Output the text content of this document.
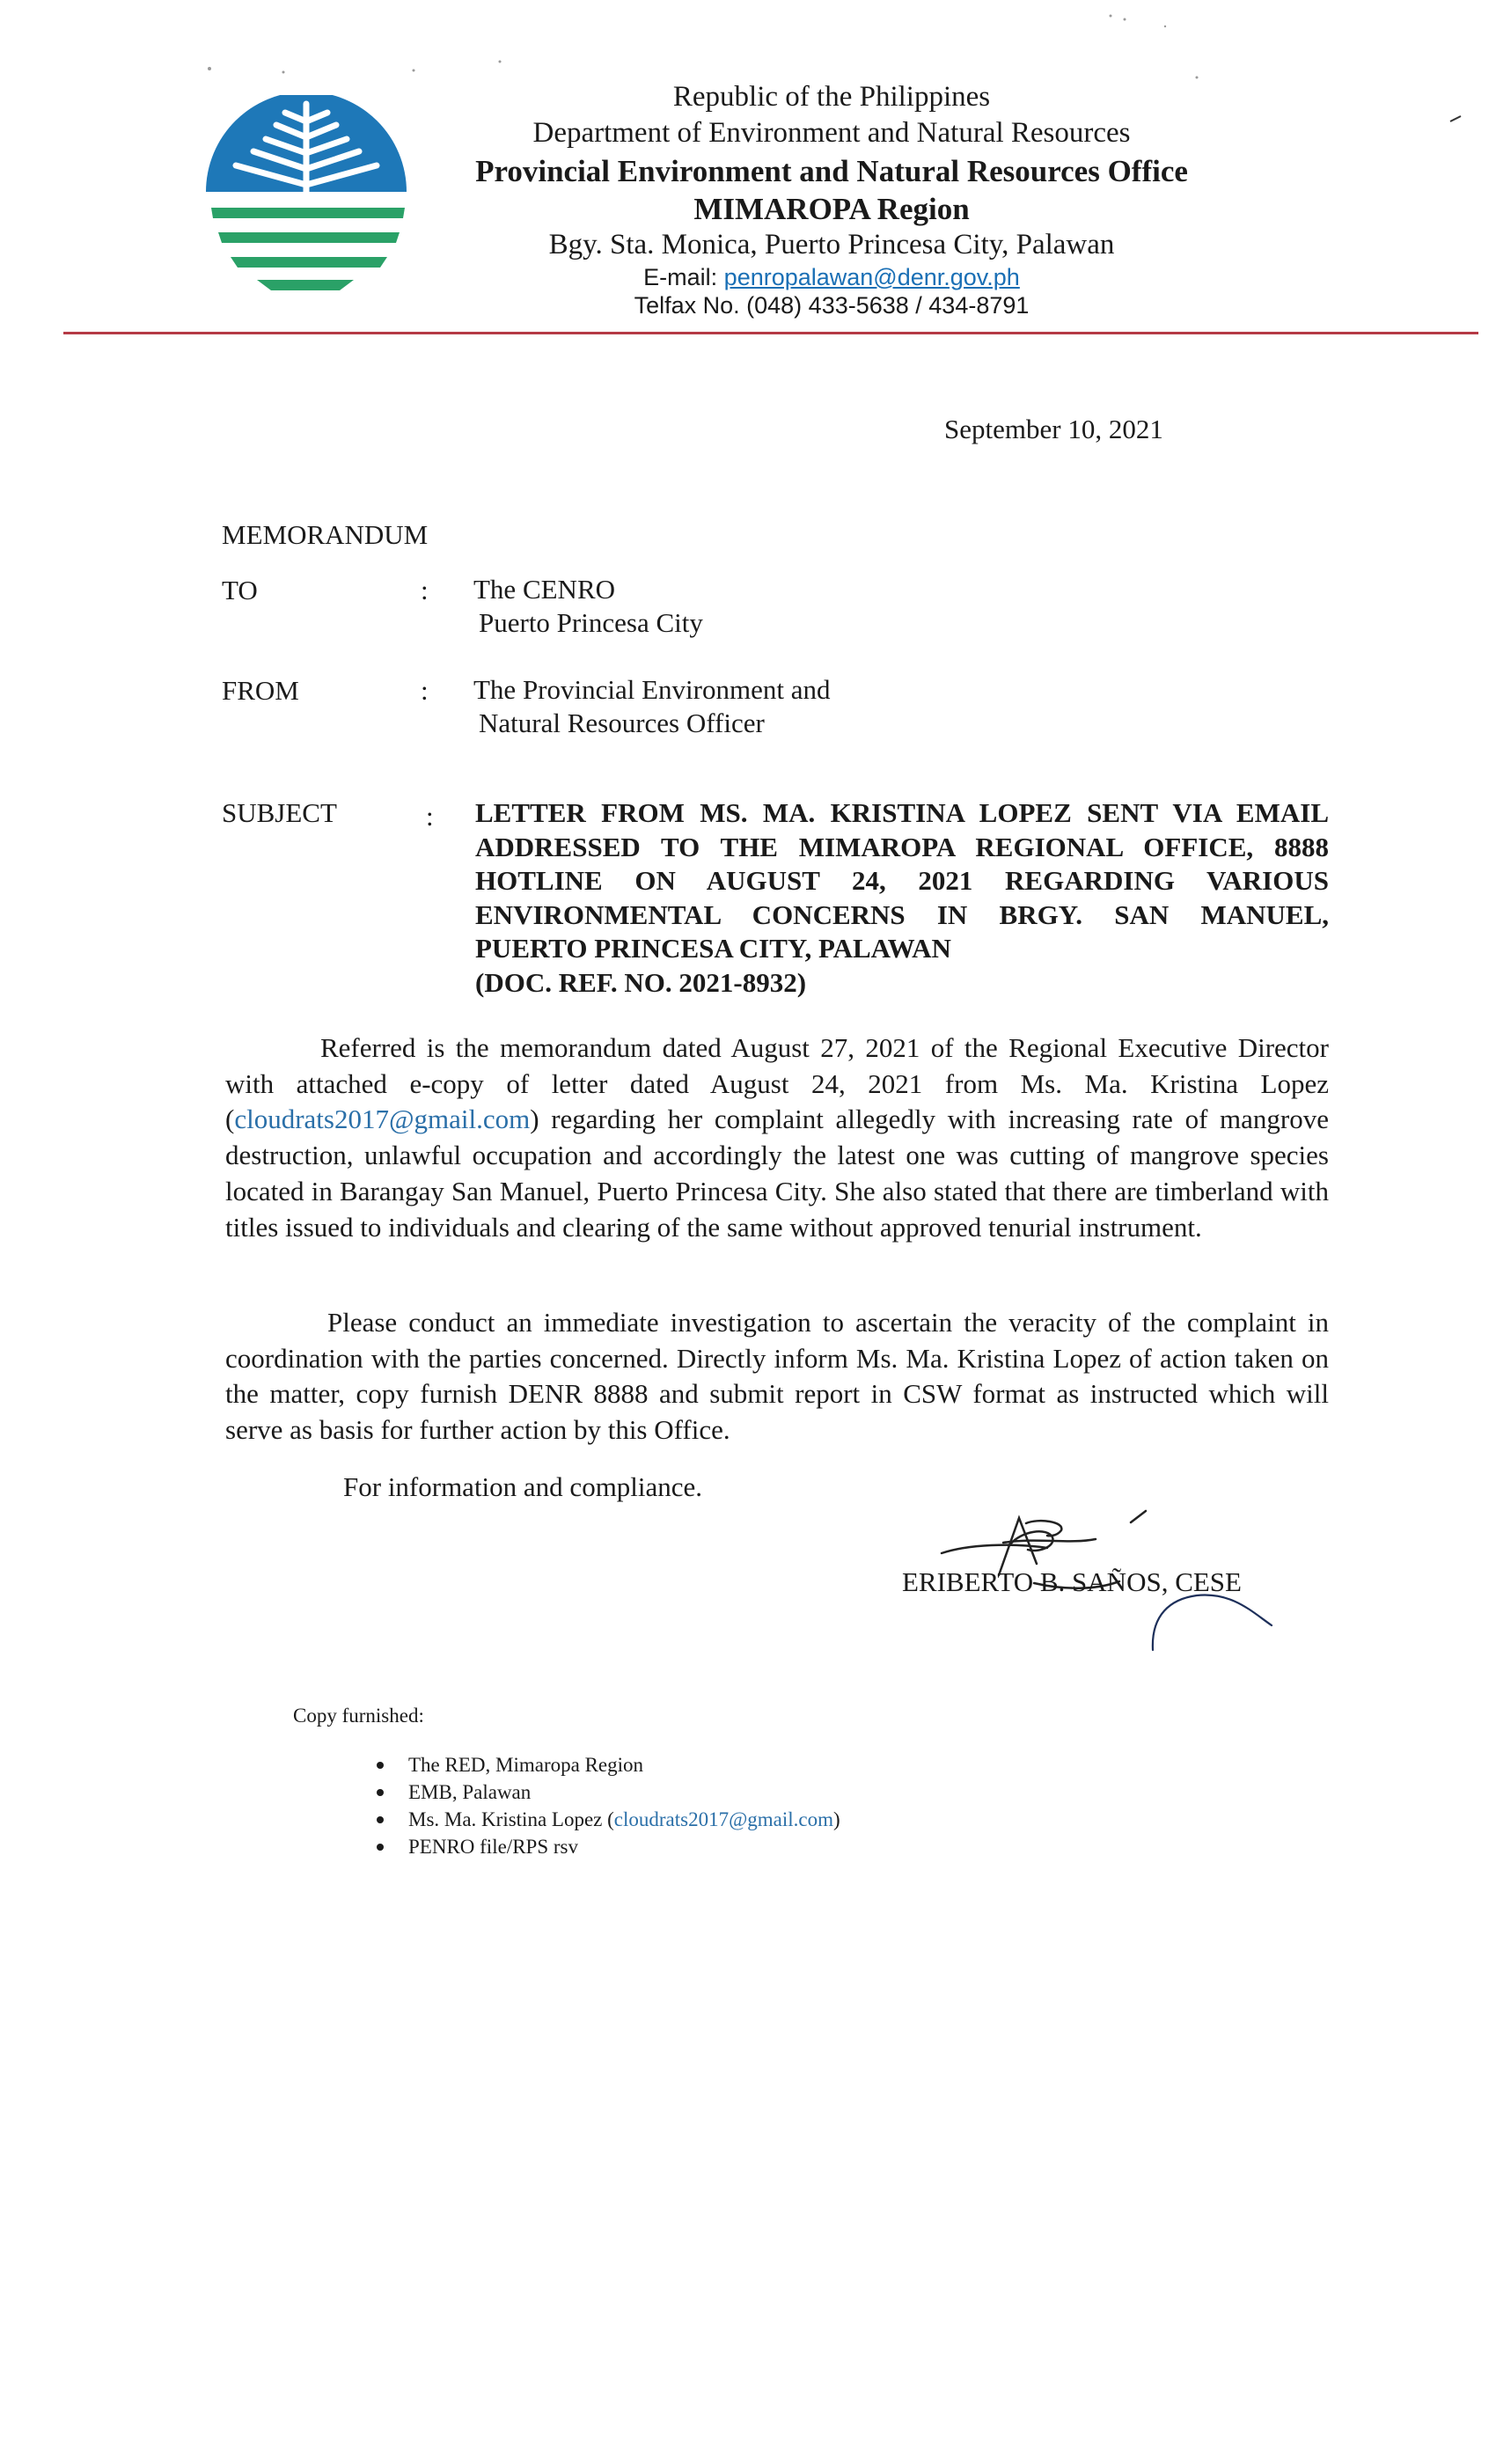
Republic of the Philippines
Department of Environment and Natural Resources
Provincial Environment and Natural Resources Office
MIMAROPA Region
Bgy. Sta. Monica, Puerto Princesa City, Palawan
E-mail: penropalawan@denr.gov.ph
Telfax No. (048) 433-5638 / 434-8791
September 10, 2021
MEMORANDUM
TO	: The CENRO
Puerto Princesa City
FROM	: The Provincial Environment and
Natural Resources Officer
SUBJECT	: LETTER FROM MS. MA. KRISTINA LOPEZ SENT VIA EMAIL
ADDRESSED TO THE MIMAROPA REGIONAL OFFICE, 8888
HOTLINE ON AUGUST 24, 2021 REGARDING VARIOUS
ENVIRONMENTAL CONCERNS IN BRGY. SAN MANUEL,
PUERTO PRINCESA CITY, PALAWAN
(DOC. REF. NO. 2021-8932)

Referred is the memorandum dated August 27, 2021 of the Regional Executive Director with attached e-copy of letter dated August 24, 2021 from Ms. Ma. Kristina Lopez (cloudrats2017@gmail.com) regarding her complaint allegedly with increasing rate of mangrove destruction, unlawful occupation and accordingly the latest one was cutting of mangrove species located in Barangay San Manuel, Puerto Princesa City. She also stated that there are timberland with titles issued to individuals and clearing of the same without approved tenurial instrument.

Please conduct an immediate investigation to ascertain the veracity of the complaint in coordination with the parties concerned. Directly inform Ms. Ma. Kristina Lopez of action taken on the matter, copy furnish DENR 8888 and submit report in CSW format as instructed which will serve as basis for further action by this Office.

For information and compliance.
ERIBERTO B. SAÑOS, CESE
Copy furnished:
The RED, Mimaropa Region
EMB, Palawan
Ms. Ma. Kristina Lopez (cloudrats2017@gmail.com)
PENRO file/RPS rsv
